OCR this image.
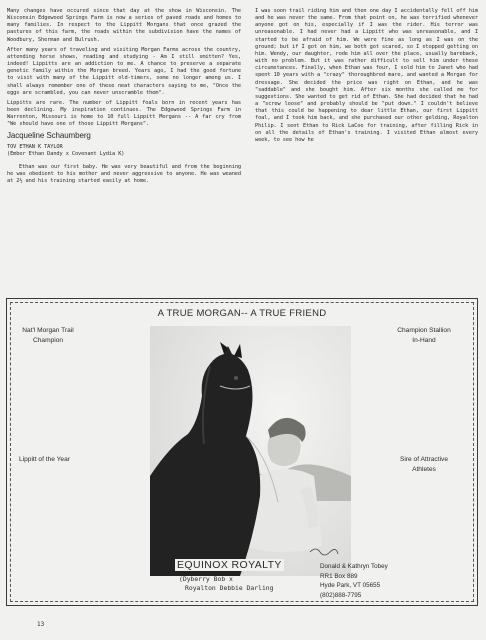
Many changes have occured since that day at the show in Wisconsin. The Wisconsin Edgewood Springs Farm is now a series of paved roads and homes to many families. In respect to the Lippitt Morgans that once grazed the pastures of this farm, the roads within the subdivision have the names of Woodbury, Sherman and Bulrush.

After many years of traveling and visiting Morgan Farms across the country, attending horse shows, reading and studying - Am I still smitten? Yes, indeed! Lippitts are an addiction to me. A chance to preserve a separate genetic family within the Morgan breed. Years ago, I had the good fortune to visit with many of the Lippitt old-timers, some no longer among us. I shall always remember one of these neat characters saying to me, "Once the eggs are scrambled, you can never unscramble them".

Lippitts are rare. The number of Lippitt foals born in recent years has been declining. My inspiration continues. The Edgewood Springs Farm in Warrenton, Missouri is home to 10 full Lippitt Morgans -- A far cry from "We should have one of those Lippitt Morgans".

Jacqueline Schaumberg

TOV ETHAN K TAYLOR

(Ember Ethan Dandy x Covenant Lydia K)

Ethan was our first baby. He was very beautiful and from the beginning he was obedient to his mother and never aggressive to anyone. He was weaned at 2½ and his training started easily at home.

I was soon trail riding him and then one day I accidentally fell off him and he was never the same. From that point on, he was terrified whenever anyone got on his, especially if I was the rider. His terror was unreasonable. I had never had a Lippitt who was unreasonable, and I started to be afraid of him. We were fine as long as I was on the ground; but if I got on him, we both got scared, so I stopped getting on him. Wendy, our daughter, rode him all over the place, usually bareback, with no problem. But it was rather difficult to sell him under these circumstances. Finally, when Ethan was four, I sold him to Janet who had spent 10 years with a "crazy" thoroughbred mare, and wanted a Morgan for dressage. She decided the price was right on Ethan, and he was "saddable" and she bought him. After six months she called me for suggestions. She wanted to get rid of Ethan. She had decided that he had a "screw loose" and probably should be "put down." I couldn't believe that this could be happening to dear little Ethan, our first Lippitt foal, and I took him back, and she purchased our other gelding, Royalton Philip. I sent Ethan to Rick LaCoe for training, after filling Rick in on all the details of Ethan's training. I visited Ethan almost every week, to see how he

A TRUE MORGAN-- A TRUE FRIEND
Nat'l Morgan Trail
Champion
Lippitt of the Year
Champion Stallion
In-Hand
Sire of Attractive
Athletes
EQUINOX ROYALTY
(Dyberry Bob x
Royalton Debbie Darling
Donald & Kathryn Tobey
RR1 Box 889
Hyde Park, VT 05655
(802)888-7795
13
